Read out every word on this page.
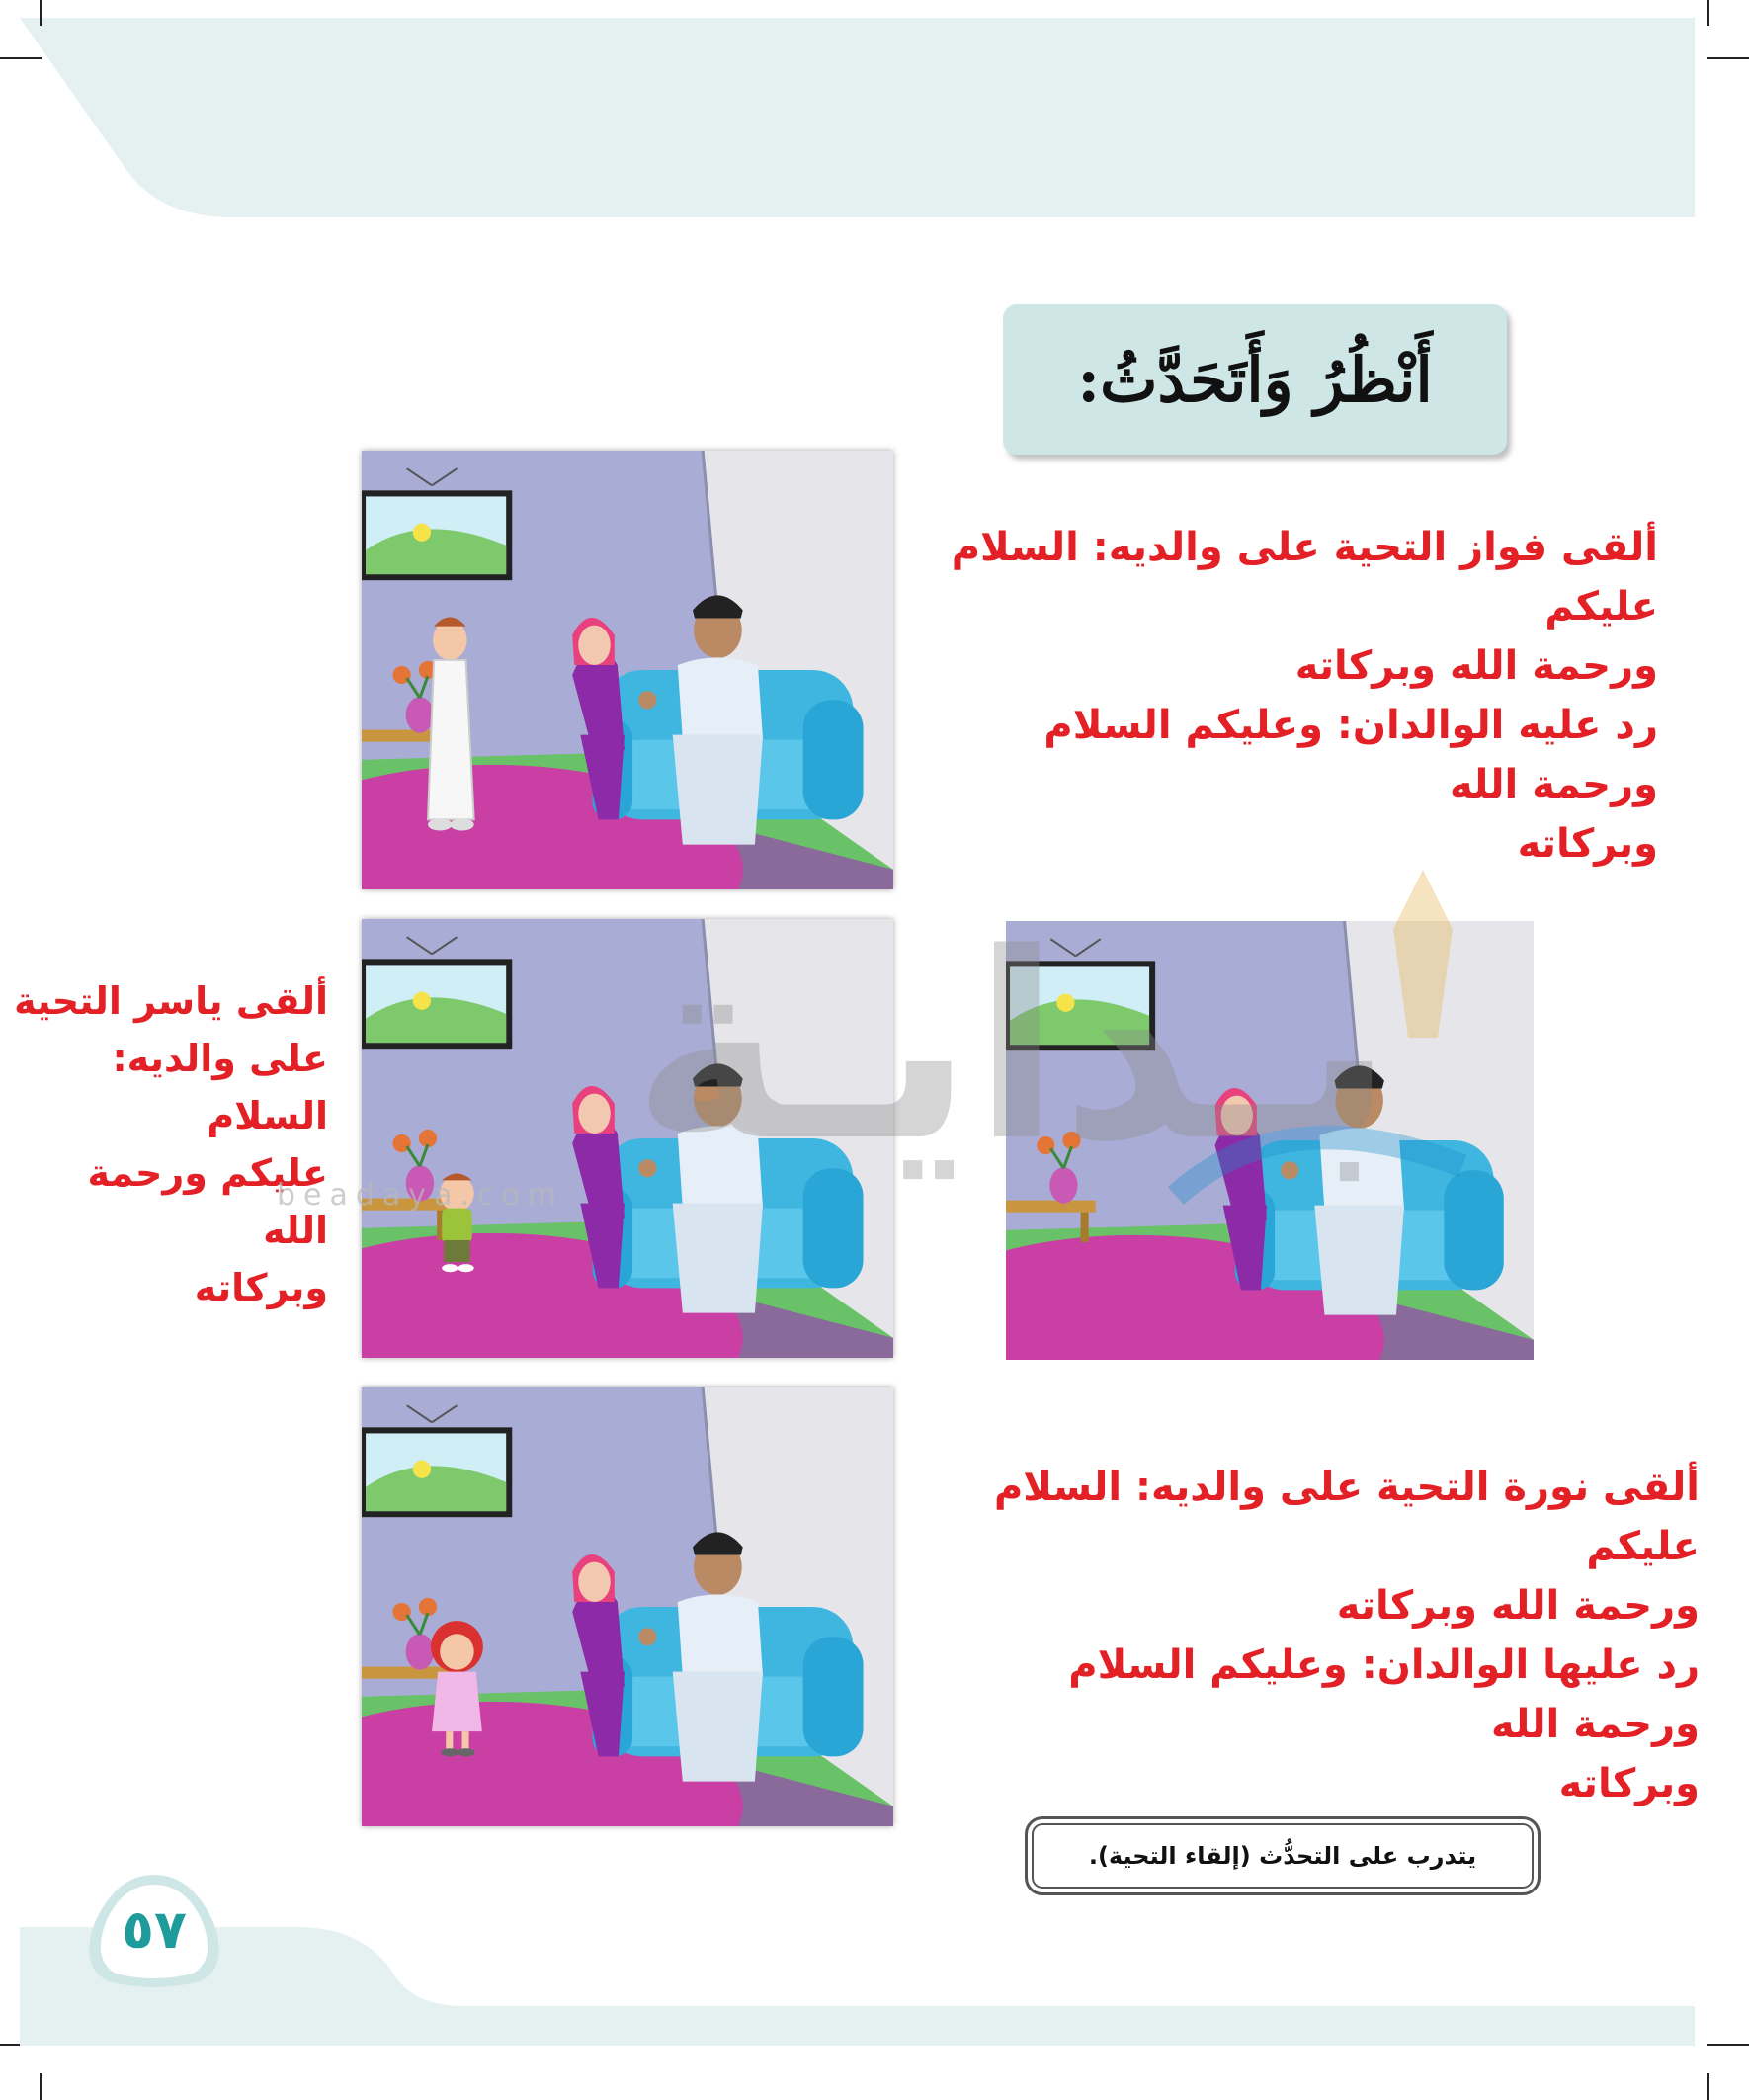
أَنْظُرُ وَأَتَحَدَّثُ:

ألقى فواز التحية على والديه: السلام عليكم

ورحمة الله وبركاته

رد عليه الوالدان: وعليكم السلام ورحمة الله

وبركاته

ألقى ياسر التحية

على والديه: السلام

عليكم ورحمة الله

وبركاته

ألقى نورة التحية على والديه: السلام عليكم

ورحمة الله وبركاته

رد عليها الوالدان: وعليكم السلام ورحمة الله

وبركاته

بـدايـة
beadaya.com
يتدرب على التحدُّث (إلقاء التحية).
٥٧
